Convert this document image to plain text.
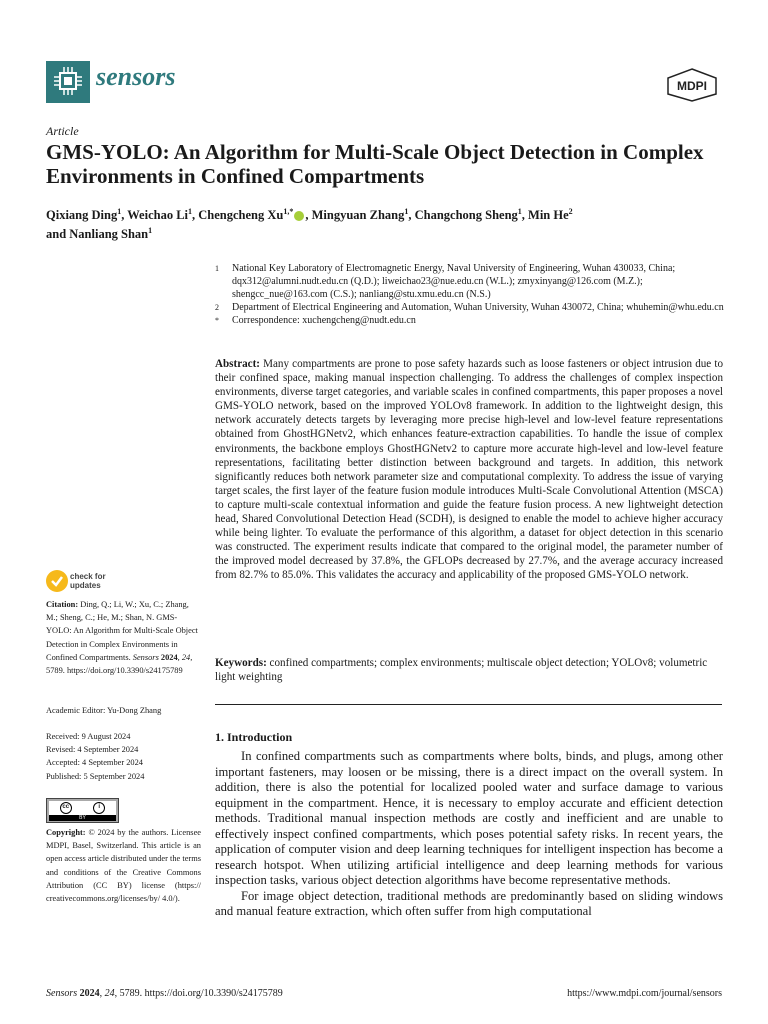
sensors	MDPI
Article
GMS-YOLO: An Algorithm for Multi-Scale Object Detection in Complex Environments in Confined Compartments
Qixiang Ding$^1$, Weichao Li$^1$, Chengcheng $Xu^{1,*}$ , Mingyuan Zhang$^1$, Changchong Sheng$^1$, Min He$^2$
and Nanliang Shan$^1$
1	National Key Laboratory of Electromagnetic Energy, Naval University of Engineering, Wuhan 430033, China; dqx312@alumni.nudt.edu.cn (Q.D.); liweichao23@nue.edu.cn (W.L.); zmyxinyang@126.com (M.Z.); shengcc_nue@163.com (C.S.); nanliang@stu.xmu.edu.cn (N.S.)
2	Department of Electrical Engineering and Automation, Wuhan University, Wuhan 430072, China; whuhemin@whu.edu.cn
*	Correspondence: xuchengcheng@nudt.edu.cn
Abstract: Many compartments are prone to pose safety hazards such as loose fasteners or object intrusion due to their confined space, making manual inspection challenging. To address the challenges of complex inspection environments, diverse target categories, and variable scales in confined compartments, this paper proposes a novel GMS-YOLO network, based on the improved YOLOv8 framework. In addition to the lightweight design, this network accurately detects targets by leveraging more precise high-level and low-level feature representations obtained from GhostHGNetv2, which enhances feature-extraction capabilities. To handle the issue of complex environments, the backbone employs GhostHGNetv2 to capture more accurate high-level and low-level feature representations, facilitating better distinction between background and targets. In addition, this network significantly reduces both network parameter size and computational complexity. To address the issue of varying target scales, the first layer of the feature fusion module introduces Multi-Scale Convolutional Attention (MSCA) to capture multi-scale contextual information and guide the feature fusion process. A new lightweight detection head, Shared Convolutional Detection Head (SCDH), is designed to enable the model to achieve higher accuracy while being lighter. To evaluate the performance of this algorithm, a dataset for object detection in this scenario was constructed. The experiment results indicate that compared to the original model, the parameter number of the improved model decreased by 37.8%, the GFLOPs decreased by 27.7%, and the average accuracy increased from 82.7% to 85.0%. This validates the accuracy and applicability of the proposed GMS-YOLO network.
Keywords: confined compartments; complex environments; multiscale object detection; YOLOv8; volumetric light weighting
check for
updates
Citation: Ding, Q.; Li, W.; Xu, C.; Zhang, M.; Sheng, C.; He, M.; Shan, N. GMS-YOLO: An Algorithm for Multi-Scale Object Detection in Complex Environments in Confined Compartments. Sensors 2024, 24, 5789. https://doi.org/10.3390/s24175789
Academic Editor: Yu-Dong Zhang
Received: 9 August 2024
Revised: 4 September 2024
Accepted: 4 September 2024
Published: 5 September 2024
cc	i
BY
Copyright: © 2024 by the authors. Licensee MDPI, Basel, Switzerland. This article is an open access article distributed under the terms and conditions of the Creative Commons Attribution (CC BY) license (https:// creativecommons.org/licenses/by/ 4.0/).
1. Introduction

In confined compartments such as compartments where bolts, binds, and plugs, among other important fasteners, may loosen or be missing, there is a direct impact on the overall system. In addition, there is also the potential for localized pooled water and surface damage to various equipment in the compartment. Hence, it is necessary to employ accurate and efficient detection methods. Traditional manual inspection methods are costly and inefficient and are unable to effectively inspect confined compartments, which poses potential safety risks. In recent years, the application of computer vision and deep learning techniques for intelligent inspection has become a research hotspot. When utilizing artificial intelligence and deep learning methods for various inspection tasks, various object detection algorithms have become representative methods.

For image object detection, traditional methods are predominantly based on sliding windows and manual feature extraction, which often suffer from high computational

Sensors 2024, 24, 5789. https://doi.org/10.3390/s24175789	https://www.mdpi.com/journal/sensors
